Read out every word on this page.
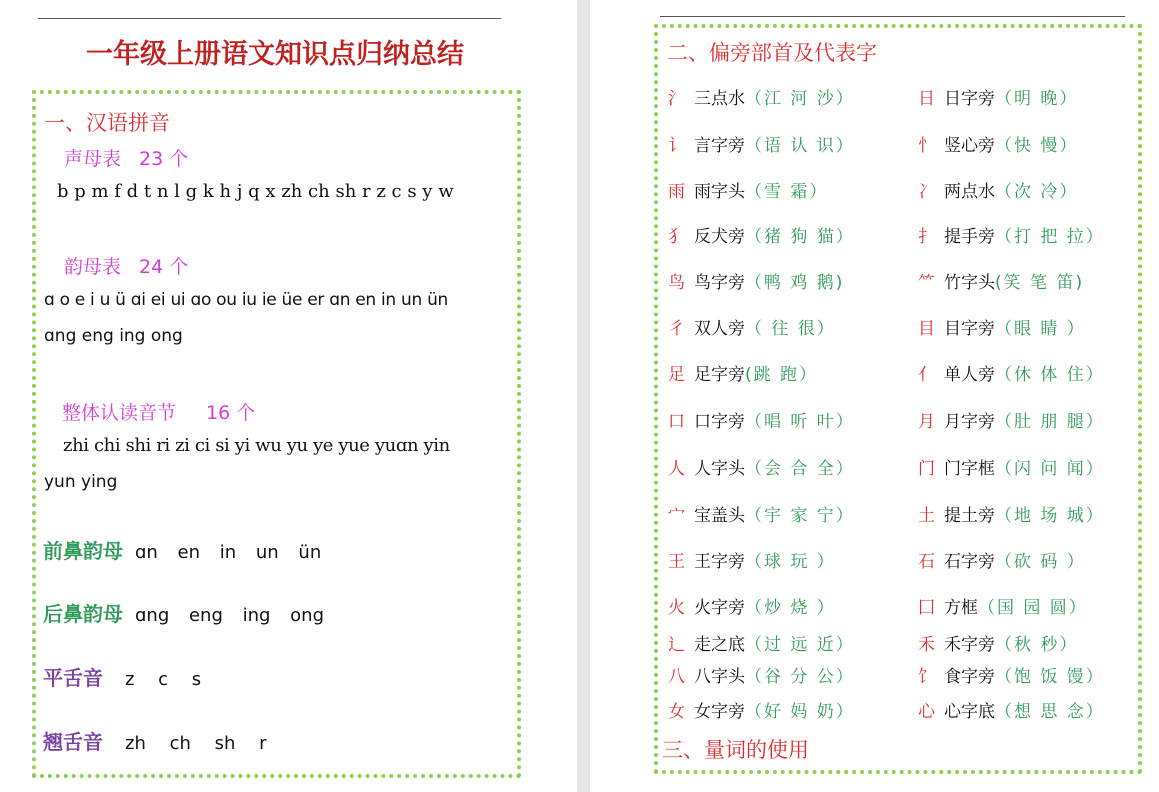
一年级上册语文知识点归纳总结
一、汉语拼音
声母表 23 个
b p m f d t n l g k h j q x zh ch sh r z c s y w
韵母表 24 个
ɑ o e i u ü ɑi ei ui ɑo ou iu ie üe er ɑn en in un ün
ɑng eng ing ong
整体认读音节 16 个
zhi chi shi ri zi ci si yi wu yu ye yue yuɑn yin
yun ying
前鼻韵母 ɑn en in un ün
后鼻韵母 ɑng eng ing ong
平舌音 z c s
翘舌音 zh ch sh r
二、偏旁部首及代表字
氵 三点水（江 河 沙）
讠 言字旁（语 认 识）
雨 雨字头（雪 霜）
犭 反犬旁（猪 狗 猫）
鸟 鸟字旁（鸭 鸡 鹅)
彳 双人旁（ 往 很）
足 足字旁(跳 跑）
口 口字旁（唱 听 叶）
人 人字头（会 合 全）
宀 宝盖头（宇 家 宁）
王 王字旁（球 玩 ）
火 火字旁（炒 烧 ）
辶 走之底（过 远 近）
八 八字头（谷 分 公）
女 女字旁（好 妈 奶）
日 日字旁（明 晚）
忄 竖心旁（快 慢）
冫 两点水（次 冷）
扌 提手旁（打 把 拉）
⺮ 竹字头(笑 笔 笛)
目 目字旁（眼 睛 ）
亻 单人旁（休 体 住）
月 月字旁（肚 朋 腿）
门 门字框（闪 问 闻）
土 提土旁（地 场 城）
石 石字旁（砍 码 ）
囗 方框（国 园 圆）
禾 禾字旁（秋 秒）
饣 食字旁（饱 饭 馒）
心 心字底（想 思 念）
三、量词的使用
